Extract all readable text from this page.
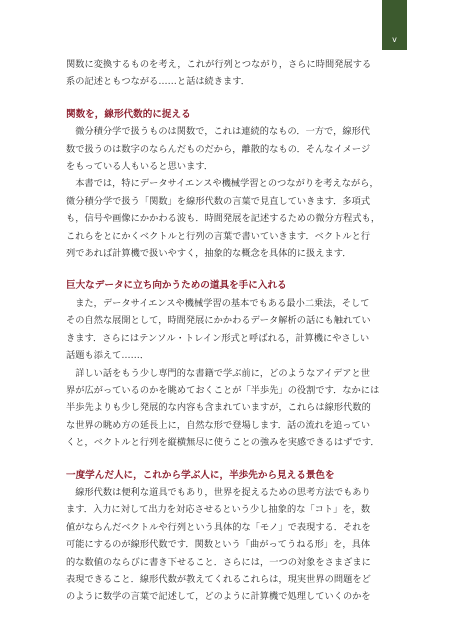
v

関数に変換するものを考え，これが行列とつながり，さらに時間発展する
系の記述ともつながる……と話は続きます．

関数を，線形代数的に捉える

微分積分学で扱うものは関数で，これは連続的なもの．一方で，線形代
数で扱うのは数字のならんだものだから，離散的なもの．そんなイメージ
をもっている人もいると思います．

本書では，特にデータサイエンスや機械学習とのつながりを考えながら，
微分積分学で扱う「関数」を線形代数の言葉で見直していきます．多項式
も，信号や画像にかかわる波も．時間発展を記述するための微分方程式も，
これらをとにかくベクトルと行列の言葉で書いていきます．ベクトルと行
列であれば計算機で扱いやすく，抽象的な概念を具体的に扱えます．

巨大なデータに立ち向かうための道具を手に入れる

また，データサイエンスや機械学習の基本でもある最小二乗法，そして
その自然な展開として，時間発展にかかわるデータ解析の話にも触れてい
きます．さらにはテンソル・トレイン形式と呼ばれる，計算機にやさしい
話題も添えて……．

詳しい話をもう少し専門的な書籍で学ぶ前に，どのようなアイデアと世
界が広がっているのかを眺めておくことが「半歩先」の役割です．なかには
半歩先よりも少し発展的な内容も含まれていますが，これらは線形代数的
な世界の眺め方の延長上に，自然な形で登場します．話の流れを追ってい
くと，ベクトルと行列を縦横無尽に使うことの強みを実感できるはずです．

一度学んだ人に，これから学ぶ人に，半歩先から見える景色を

線形代数は便利な道具でもあり，世界を捉えるための思考方法でもあり
ます．入力に対して出力を対応させるという少し抽象的な「コト」を，数
値がならんだベクトルや行列という具体的な「モノ」で表現する．それを
可能にするのが線形代数です．関数という「曲がってうねる形」を，具体
的な数値のならびに書き下せること．さらには，一つの対象をさまざまに
表現できること．線形代数が教えてくれるこれらは，現実世界の問題をど
のように数学の言葉で記述して，どのように計算機で処理していくのかを
